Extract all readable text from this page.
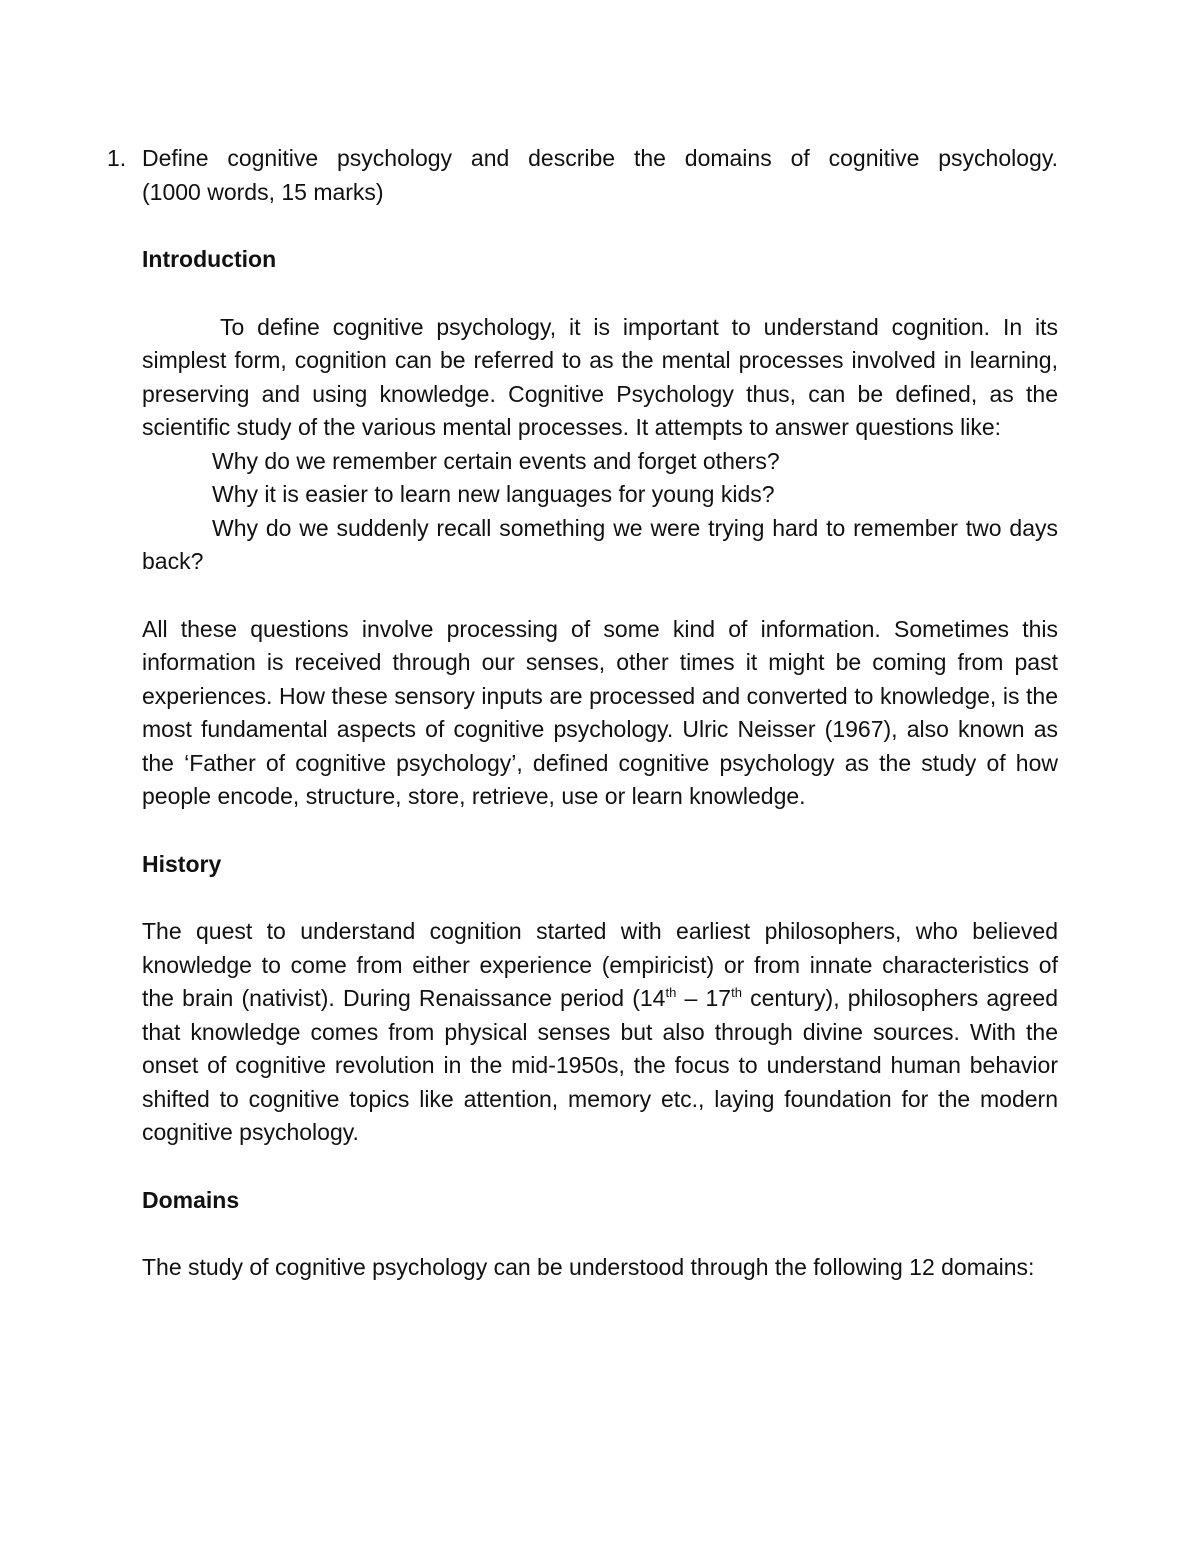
1. Define cognitive psychology and describe the domains of cognitive psychology.

(1000 words, 15 marks)

Introduction

To define cognitive psychology, it is important to understand cognition. In its simplest form, cognition can be referred to as the mental processes involved in learning, preserving and using knowledge. Cognitive Psychology thus, can be defined, as the scientific study of the various mental processes. It attempts to answer questions like:

Why do we remember certain events and forget others?
Why it is easier to learn new languages for young kids?
Why do we suddenly recall something we were trying hard to remember two days back?

All these questions involve processing of some kind of information. Sometimes this information is received through our senses, other times it might be coming from past experiences. How these sensory inputs are processed and converted to knowledge, is the most fundamental aspects of cognitive psychology. Ulric Neisser (1967), also known as the ‘Father of cognitive psychology’, defined cognitive psychology as the study of how people encode, structure, store, retrieve, use or learn knowledge.

History

The quest to understand cognition started with earliest philosophers, who believed knowledge to come from either experience (empiricist) or from innate characteristics of the brain (nativist). During Renaissance period (14th – 17th century), philosophers agreed that knowledge comes from physical senses but also through divine sources. With the onset of cognitive revolution in the mid-1950s, the focus to understand human behavior shifted to cognitive topics like attention, memory etc., laying foundation for the modern cognitive psychology.

Domains

The study of cognitive psychology can be understood through the following 12 domains:
